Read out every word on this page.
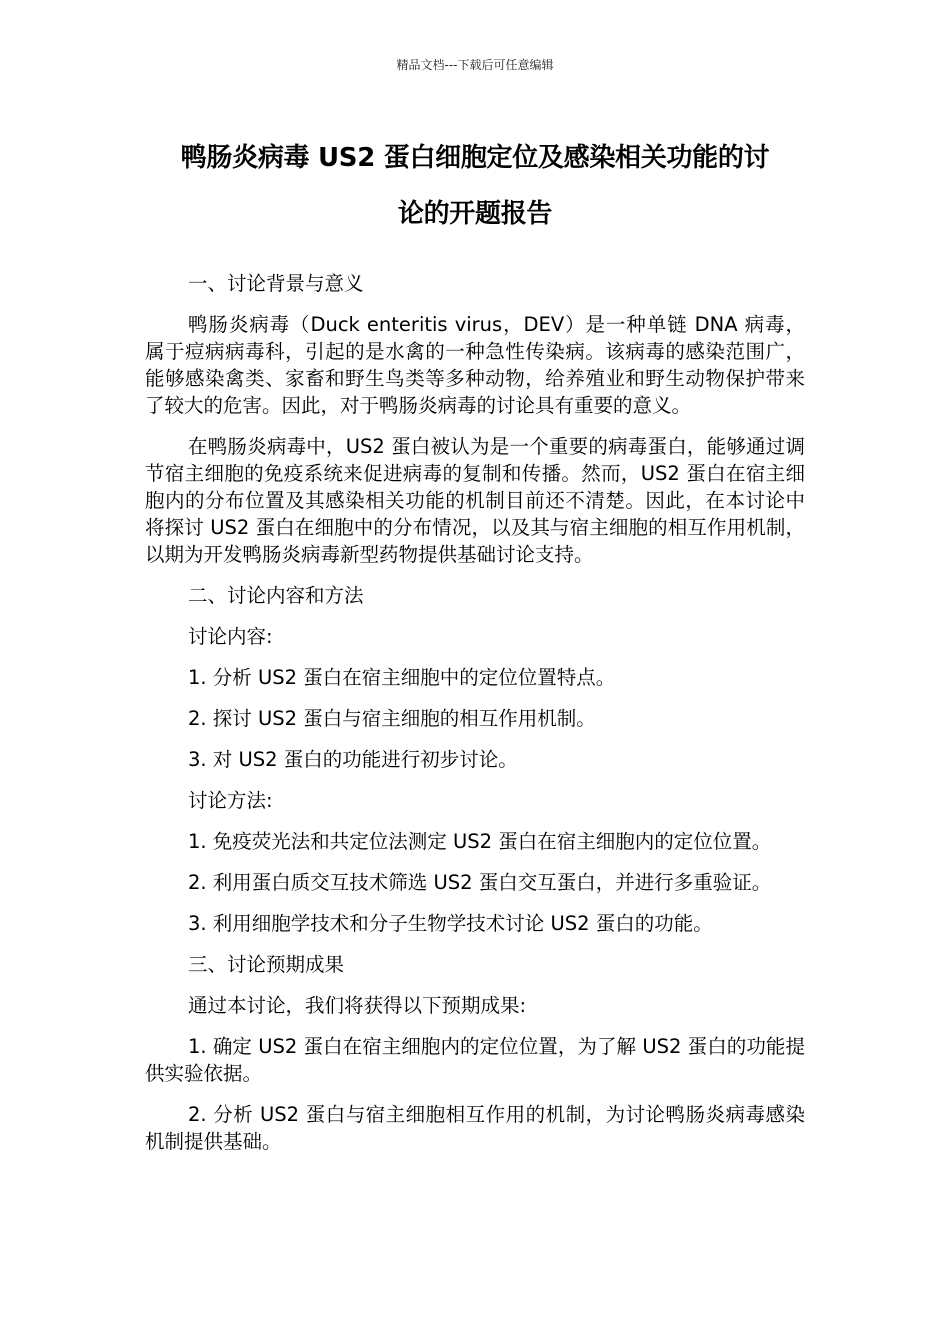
精品文档---下载后可任意编辑
鸭肠炎病毒 US2 蛋白细胞定位及感染相关功能的讨
论的开题报告

一、讨论背景与意义

鸭肠炎病毒（Duck enteritis virus，DEV）是一种单链 DNA 病毒，属于痘病病毒科，引起的是水禽的一种急性传染病。该病毒的感染范围广，能够感染禽类、家畜和野生鸟类等多种动物，给养殖业和野生动物保护带来了较大的危害。因此，对于鸭肠炎病毒的讨论具有重要的意义。

在鸭肠炎病毒中，US2 蛋白被认为是一个重要的病毒蛋白，能够通过调节宿主细胞的免疫系统来促进病毒的复制和传播。然而，US2 蛋白在宿主细胞内的分布位置及其感染相关功能的机制目前还不清楚。因此，在本讨论中将探讨 US2 蛋白在细胞中的分布情况，以及其与宿主细胞的相互作用机制，以期为开发鸭肠炎病毒新型药物提供基础讨论支持。

二、讨论内容和方法

讨论内容:

1. 分析 US2 蛋白在宿主细胞中的定位位置特点。

2. 探讨 US2 蛋白与宿主细胞的相互作用机制。

3. 对 US2 蛋白的功能进行初步讨论。

讨论方法:

1. 免疫荧光法和共定位法测定 US2 蛋白在宿主细胞内的定位位置。

2. 利用蛋白质交互技术筛选 US2 蛋白交互蛋白，并进行多重验证。

3. 利用细胞学技术和分子生物学技术讨论 US2 蛋白的功能。

三、讨论预期成果

通过本讨论，我们将获得以下预期成果:

1. 确定 US2 蛋白在宿主细胞内的定位位置，为了解 US2 蛋白的功能提供实验依据。

2. 分析 US2 蛋白与宿主细胞相互作用的机制，为讨论鸭肠炎病毒感染机制提供基础。
